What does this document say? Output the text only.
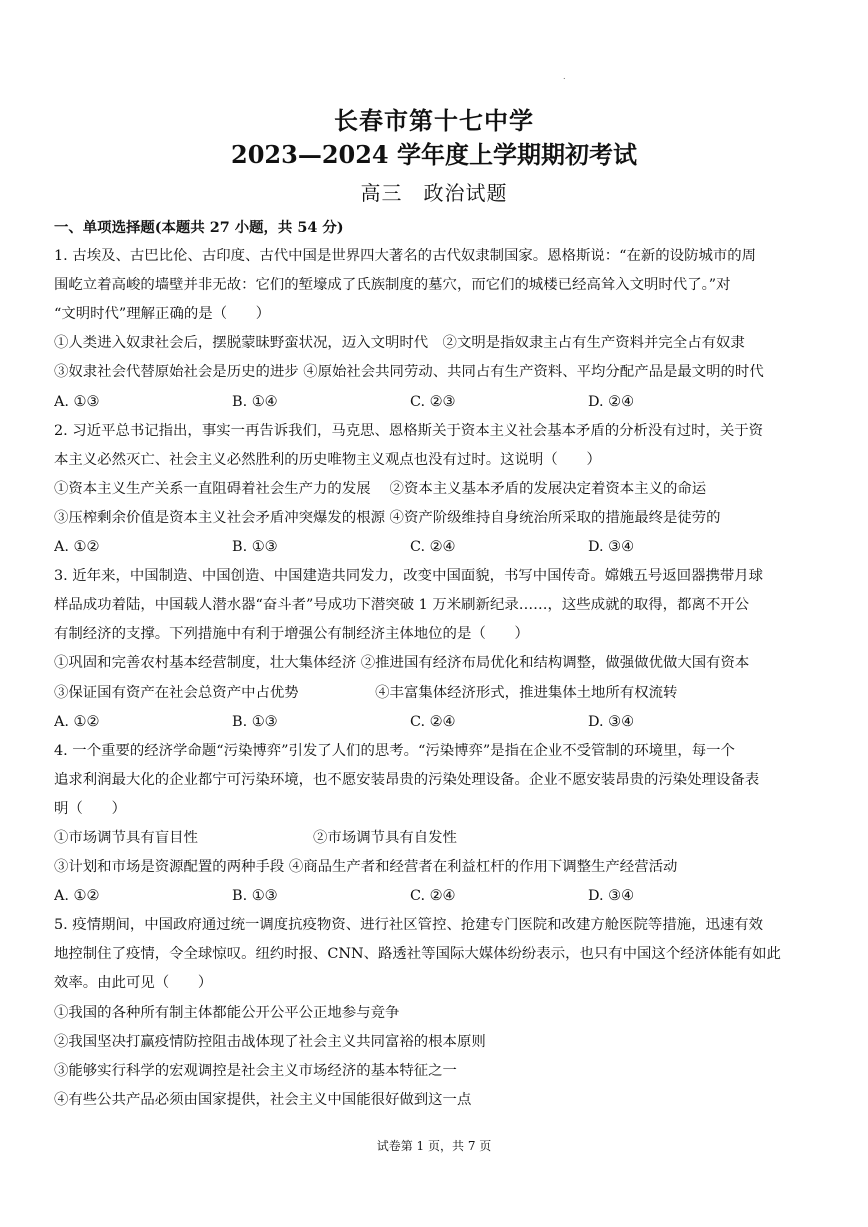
.
长春市第十七中学
2023—2024 学年度上学期期初考试
高三　政治试题

一、单项选择题(本题共 27 小题，共 54 分)

1. 古埃及、古巴比伦、古印度、古代中国是世界四大著名的古代奴隶制国家。恩格斯说：“在新的设防城市的周

围屹立着高峻的墙壁并非无故：它们的堑壕成了氏族制度的墓穴，而它们的城楼已经高耸入文明时代了。”对

“文明时代”理解正确的是（　　）

①人类进入奴隶社会后，摆脱蒙昧野蛮状况，迈入文明时代　②文明是指奴隶主占有生产资料并完全占有奴隶

③奴隶社会代替原始社会是历史的进步 ④原始社会共同劳动、共同占有生产资料、平均分配产品是最文明的时代

A. ①③	B. ①④	C. ②③	D. ②④

2. 习近平总书记指出，事实一再告诉我们，马克思、恩格斯关于资本主义社会基本矛盾的分析没有过时，关于资

本主义必然灭亡、社会主义必然胜利的历史唯物主义观点也没有过时。这说明（　　）

①资本主义生产关系一直阻碍着社会生产力的发展　 ②资本主义基本矛盾的发展决定着资本主义的命运

③压榨剩余价值是资本主义社会矛盾冲突爆发的根源 ④资产阶级维持自身统治所采取的措施最终是徒劳的

A. ①②	B. ①③	C. ②④	D. ③④

3. 近年来，中国制造、中国创造、中国建造共同发力，改变中国面貌，书写中国传奇。嫦娥五号返回器携带月球

样品成功着陆，中国载人潜水器“奋斗者”号成功下潜突破 1 万米刷新纪录……，这些成就的取得，都离不开公

有制经济的支撑。下列措施中有利于增强公有制经济主体地位的是（　　）

①巩固和完善农村基本经营制度，壮大集体经济 ②推进国有经济布局优化和结构调整，做强做优做大国有资本

③保证国有资产在社会总资产中占优势　　　　　 ④丰富集体经济形式，推进集体土地所有权流转

A. ①②	B. ①③	C. ②④	D. ③④

4. 一个重要的经济学命题“污染博弈”引发了人们的思考。“污染博弈”是指在企业不受管制的环境里，每一个

追求利润最大化的企业都宁可污染环境，也不愿安装昂贵的污染处理设备。企业不愿安装昂贵的污染处理设备表

明（　　）

①市场调节具有盲目性　　　　　　　　②市场调节具有自发性

③计划和市场是资源配置的两种手段 ④商品生产者和经营者在利益杠杆的作用下调整生产经营活动

A. ①②	B. ①③	C. ②④	D. ③④

5. 疫情期间，中国政府通过统一调度抗疫物资、进行社区管控、抢建专门医院和改建方舱医院等措施，迅速有效

地控制住了疫情，令全球惊叹。纽约时报、CNN、路透社等国际大媒体纷纷表示，也只有中国这个经济体能有如此

效率。由此可见（　　）

①我国的各种所有制主体都能公开公平公正地参与竞争

②我国坚决打赢疫情防控阻击战体现了社会主义共同富裕的根本原则

③能够实行科学的宏观调控是社会主义市场经济的基本特征之一

④有些公共产品必须由国家提供，社会主义中国能很好做到这一点

试卷第 1 页，共 7 页
